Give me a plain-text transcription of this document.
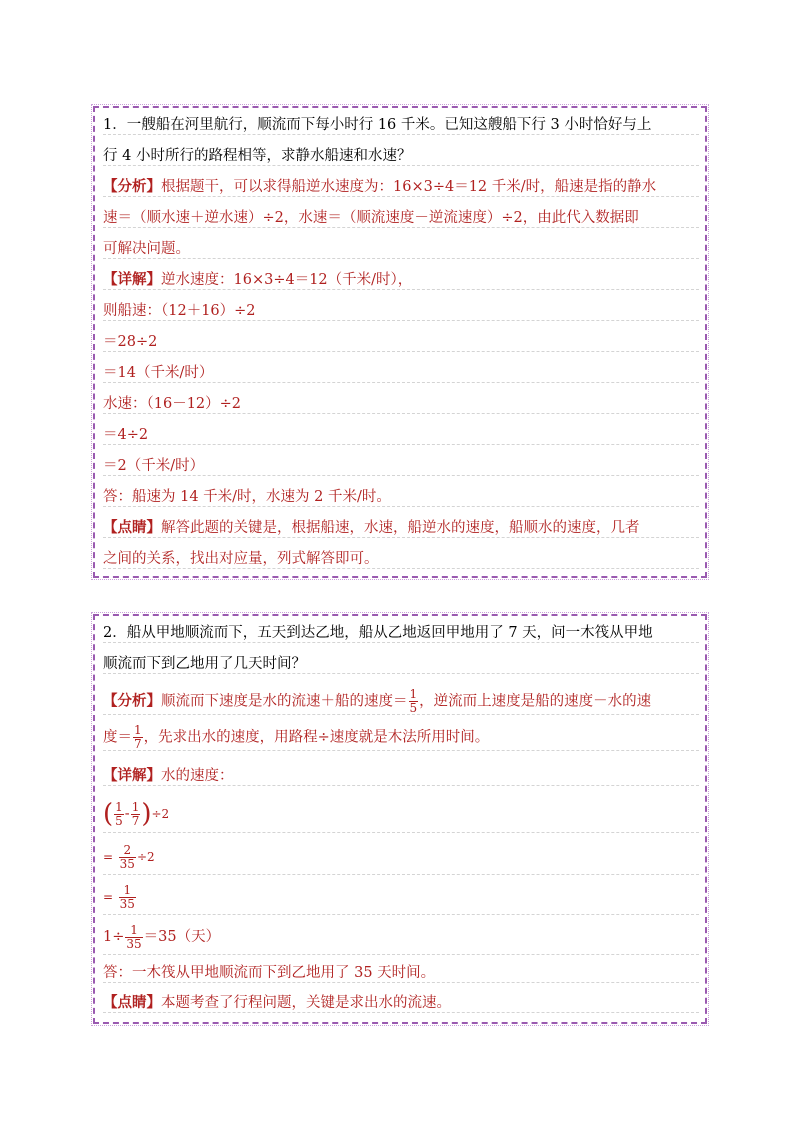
1．一艘船在河里航行，顺流而下每小时行 16 千米。已知这艘船下行 3 小时恰好与上
行 4 小时所行的路程相等，求静水船速和水速？
【分析】根据题干，可以求得船逆水速度为：16×3÷4＝12 千米/时，船速是指的静水
速＝（顺水速＋逆水速）÷2，水速＝（顺流速度－逆流速度）÷2，由此代入数据即
可解决问题。
【详解】逆水速度：16×3÷4＝12（千米/时），
则船速：（12＋16）÷2
＝28÷2
＝14（千米/时）
水速：（16－12）÷2
＝4÷2
＝2（千米/时）
答：船速为 14 千米/时，水速为 2 千米/时。
【点睛】解答此题的关键是，根据船速，水速，船逆水的速度，船顺水的速度，几者
之间的关系，找出对应量，列式解答即可。
2．船从甲地顺流而下，五天到达乙地，船从乙地返回甲地用了 7 天，问一木筏从甲地
顺流而下到乙地用了几天时间？
【分析】顺流而下速度是水的流速＋船的速度＝ $\frac{1}{5}$ ，逆流而上速度是船的速度－水的速
度＝ $\frac{1}{7}$ ，先求出水的速度，用路程÷速度就是木法所用时间。
【详解】水的速度：
( $\frac{1}{5} - \frac{1}{7} )\div 2$
= $\frac{2}{35} \div 2$
= $\frac{1}{35}$
$1\div \frac{1}{35} =35$（天）
答：一木筏从甲地顺流而下到乙地用了 35 天时间。
【点睛】本题考查了行程问题，关键是求出水的流速。
